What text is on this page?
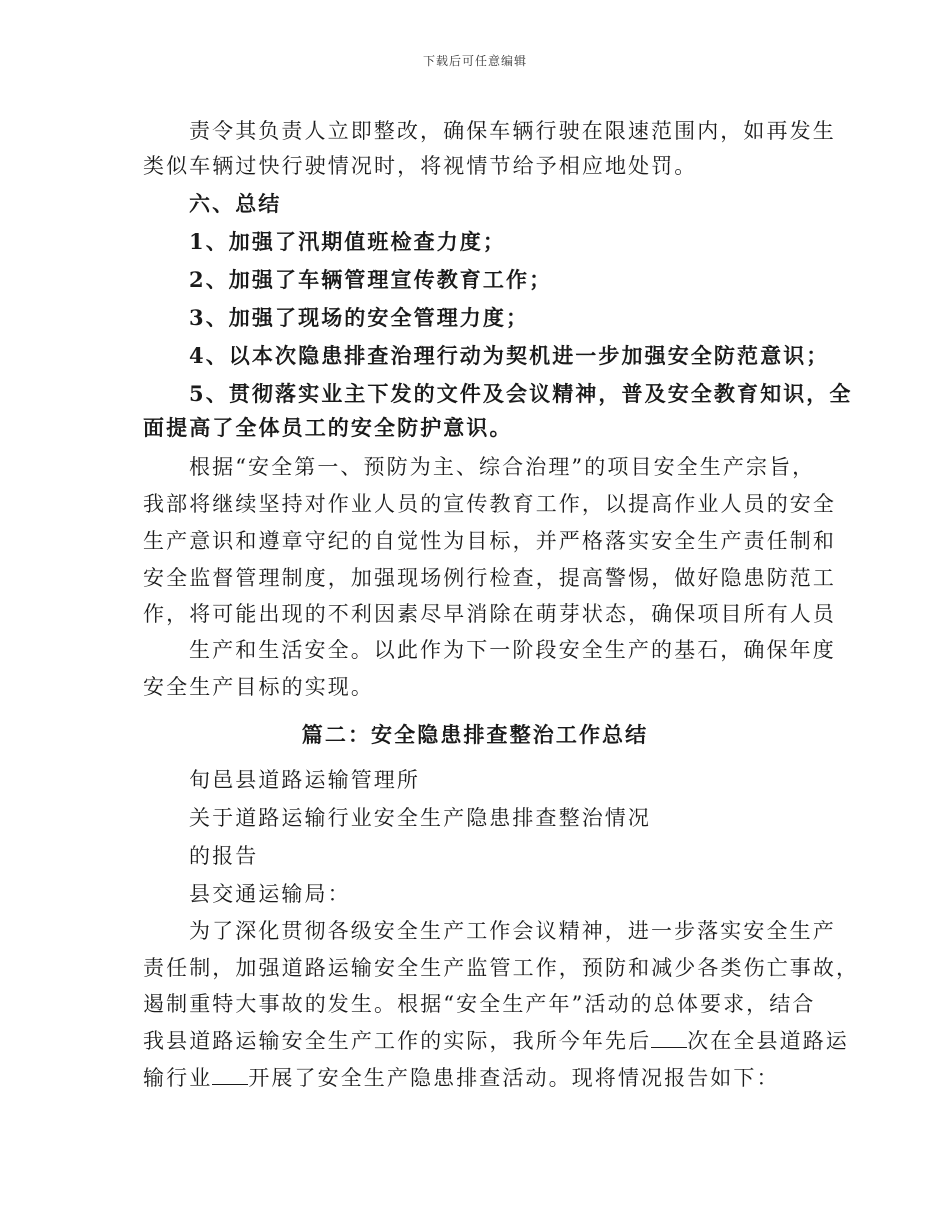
下载后可任意编辑
责令其负责人立即整改，确保车辆行驶在限速范围内，如再发生
类似车辆过快行驶情况时，将视情节给予相应地处罚。
六、总结
1、加强了汛期值班检查力度；
2、加强了车辆管理宣传教育工作；
3、加强了现场的安全管理力度；
4、以本次隐患排查治理行动为契机进一步加强安全防范意识；
5、贯彻落实业主下发的文件及会议精神，普及安全教育知识，全
面提高了全体员工的安全防护意识。
根据“安全第一、预防为主、综合治理”的项目安全生产宗旨，
我部将继续坚持对作业人员的宣传教育工作，以提高作业人员的安全
生产意识和遵章守纪的自觉性为目标，并严格落实安全生产责任制和
安全监督管理制度，加强现场例行检查，提高警惕，做好隐患防范工
作，将可能出现的不利因素尽早消除在萌芽状态，确保项目所有人员
生产和生活安全。以此作为下一阶段安全生产的基石，确保年度
安全生产目标的实现。
篇二：安全隐患排查整治工作总结
旬邑县道路运输管理所
关于道路运输行业安全生产隐患排查整治情况
的报告
县交通运输局：
为了深化贯彻各级安全生产工作会议精神，进一步落实安全生产
责任制，加强道路运输安全生产监管工作，预防和减少各类伤亡事故，
遏制重特大事故的发生。根据“安全生产年”活动的总体要求，结合
我县道路运输安全生产工作的实际，我所今年先后 次在全县道路运
输行业 开展了安全生产隐患排查活动。现将情况报告如下：
